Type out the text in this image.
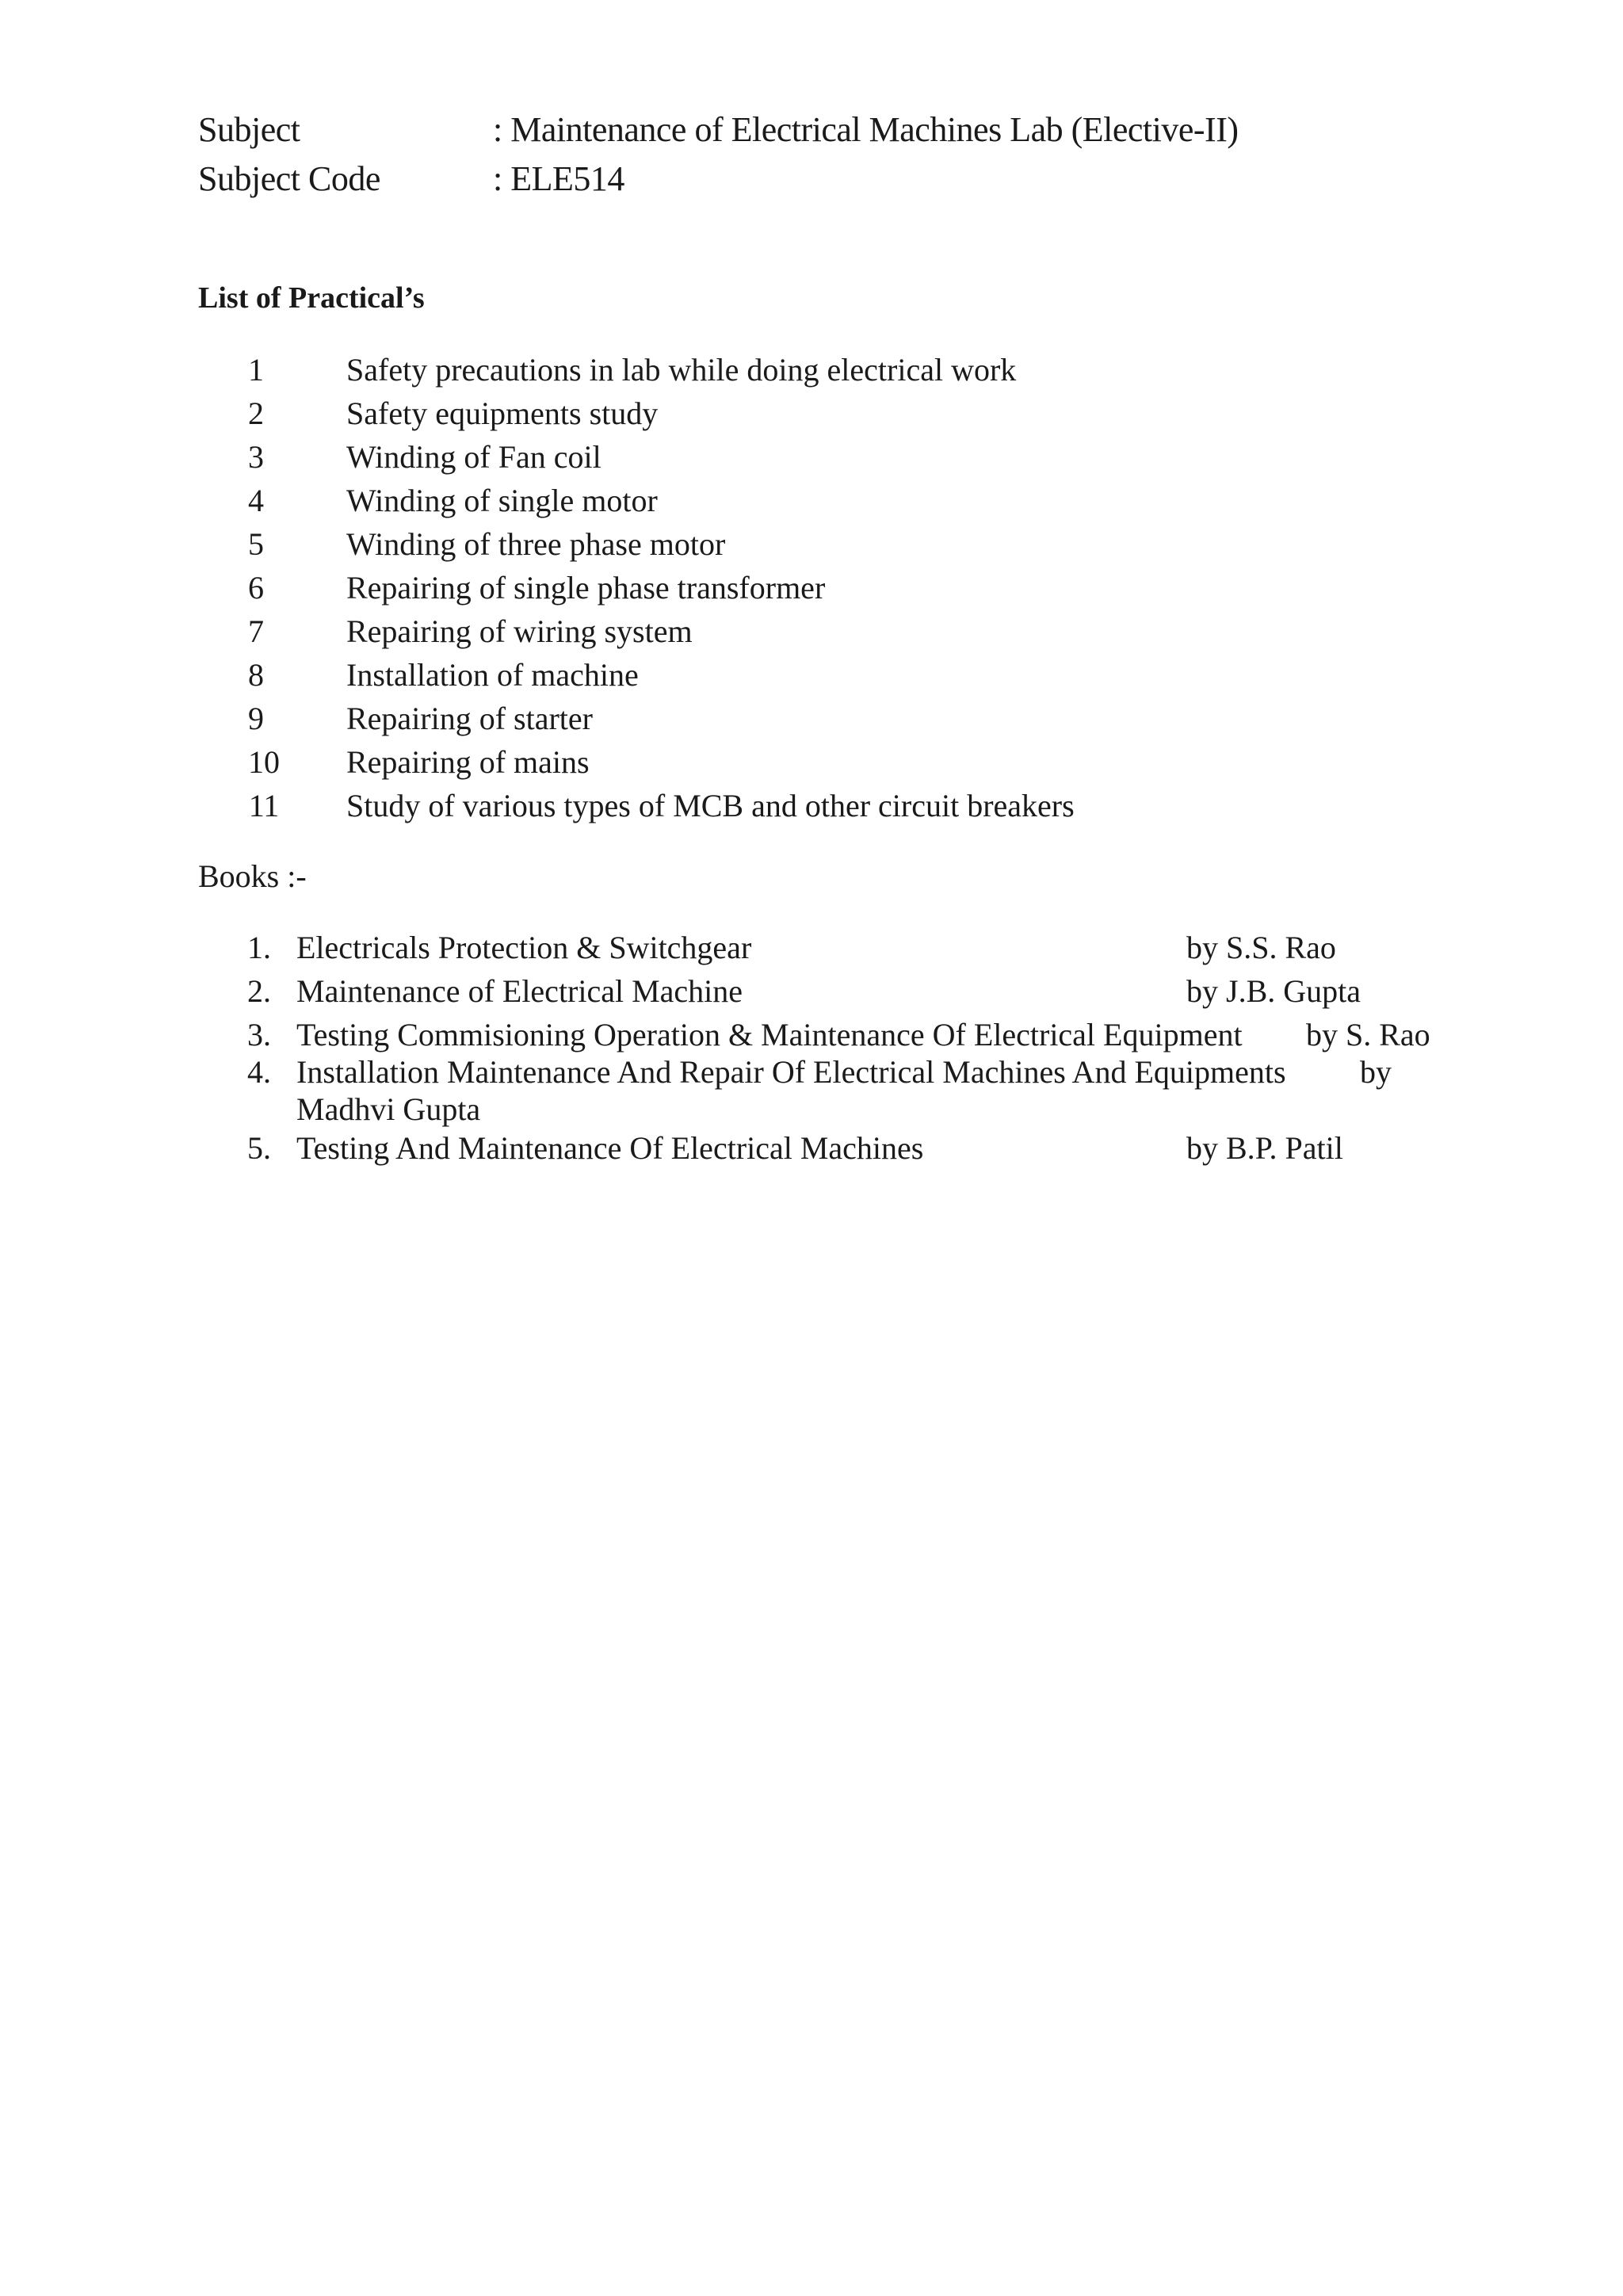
Subject	: Maintenance of Electrical Machines Lab (Elective-II)
Subject Code	: ELE514
List of Practical’s
1	Safety precautions in lab while doing electrical work
2	Safety equipments study
3	Winding of Fan coil
4	Winding of single motor
5	Winding of three phase motor
6	Repairing of single phase transformer
7	Repairing of wiring system
8	Installation of machine
9	Repairing of starter
10	Repairing of mains
11	Study of various types of MCB and other circuit breakers
Books :-
1. Electricals Protection & Switchgear	by S.S. Rao
2. Maintenance of Electrical Machine	by J.B. Gupta
3. Testing Commisioning Operation & Maintenance Of Electrical Equipment by S. Rao
4. Installation Maintenance And Repair Of Electrical Machines And Equipments by
Madhvi Gupta
5. Testing And Maintenance Of Electrical Machines	by B.P. Patil
